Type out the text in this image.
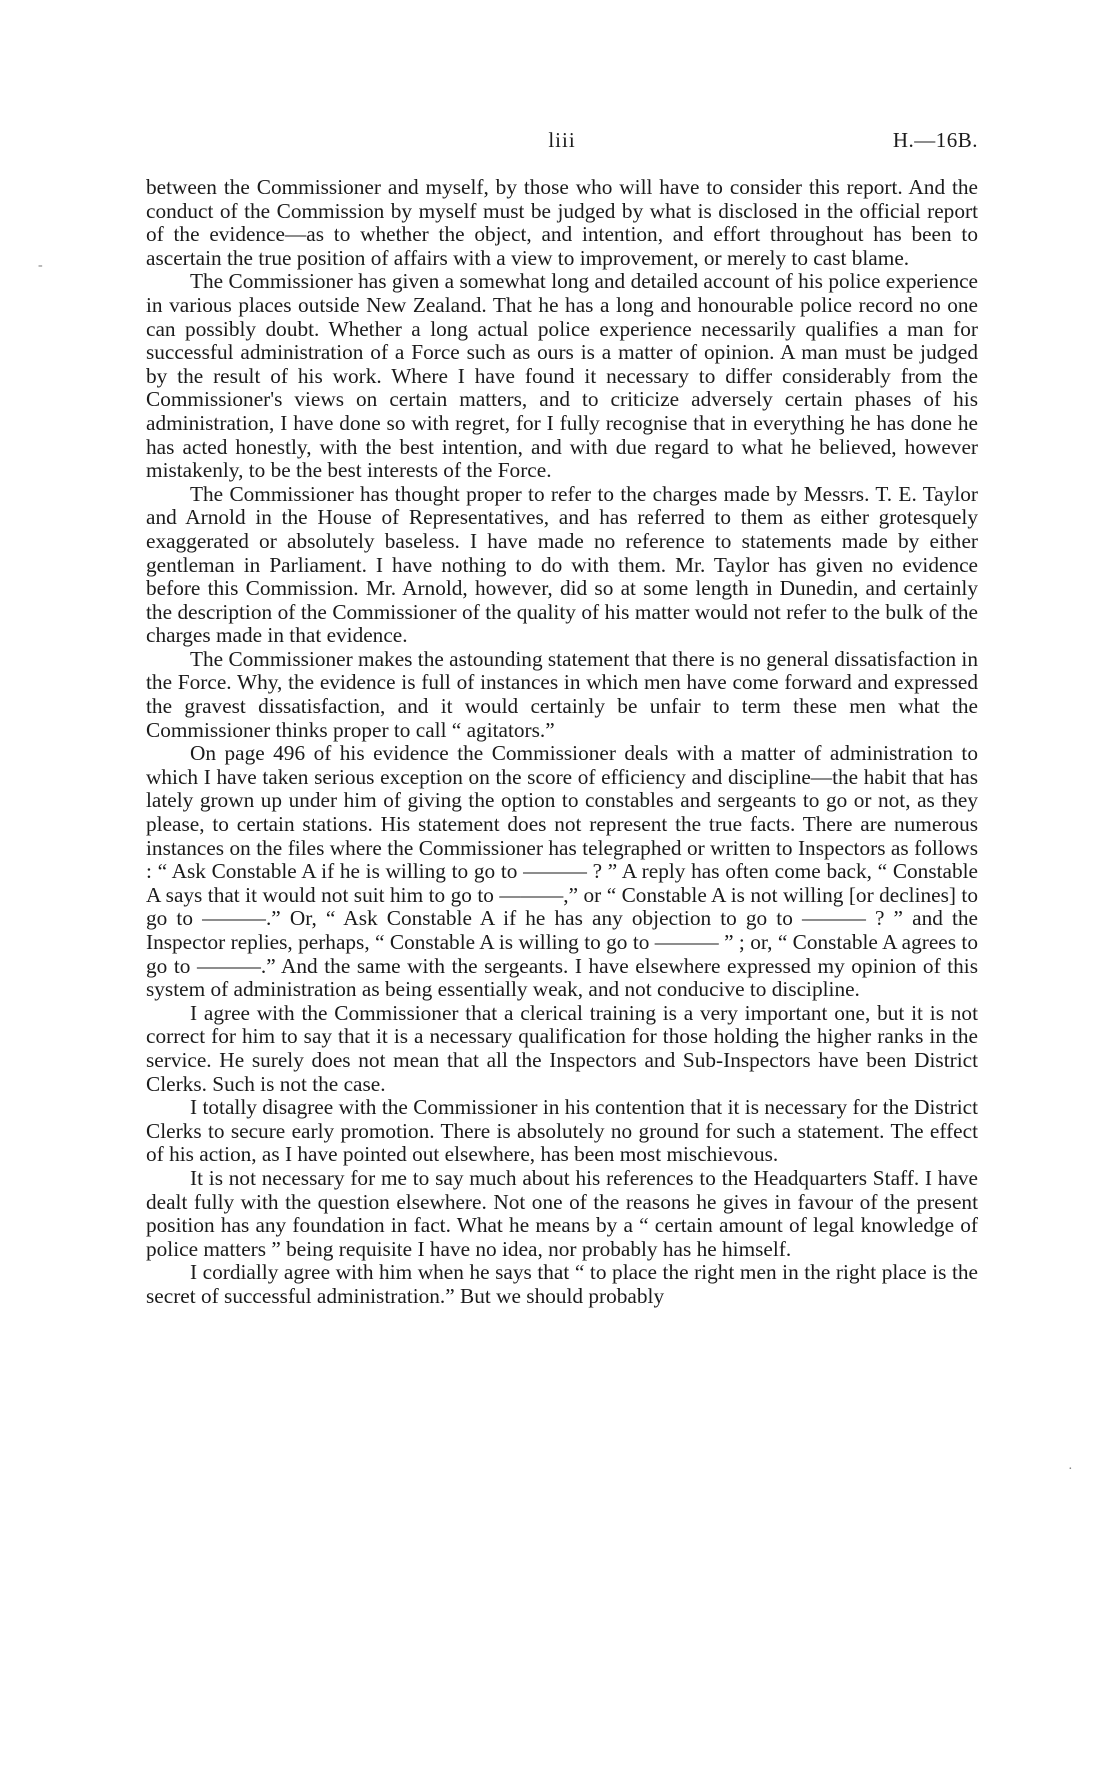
liii	H.—16B.
-
·

between the Commissioner and myself, by those who will have to consider this report. And the conduct of the Commission by myself must be judged by what is disclosed in the official report of the evidence—as to whether the object, and intention, and effort throughout has been to ascertain the true position of affairs with a view to improvement, or merely to cast blame.

The Commissioner has given a somewhat long and detailed account of his police experience in various places outside New Zealand. That he has a long and honourable police record no one can possibly doubt. Whether a long actual police experience necessarily qualifies a man for successful administration of a Force such as ours is a matter of opinion. A man must be judged by the result of his work. Where I have found it necessary to differ considerably from the Commissioner's views on certain matters, and to criticize adversely certain phases of his administration, I have done so with regret, for I fully recognise that in everything he has done he has acted honestly, with the best intention, and with due regard to what he believed, however mistakenly, to be the best interests of the Force.

The Commissioner has thought proper to refer to the charges made by Messrs. T. E. Taylor and Arnold in the House of Representatives, and has referred to them as either grotesquely exaggerated or absolutely baseless. I have made no reference to statements made by either gentleman in Parliament. I have nothing to do with them. Mr. Taylor has given no evidence before this Commission. Mr. Arnold, however, did so at some length in Dunedin, and certainly the description of the Commissioner of the quality of his matter would not refer to the bulk of the charges made in that evidence.

The Commissioner makes the astounding statement that there is no general dissatisfaction in the Force. Why, the evidence is full of instances in which men have come forward and expressed the gravest dissatisfaction, and it would certainly be unfair to term these men what the Commissioner thinks proper to call “ agitators.”

On page 496 of his evidence the Commissioner deals with a matter of administration to which I have taken serious exception on the score of efficiency and discipline—the habit that has lately grown up under him of giving the option to constables and sergeants to go or not, as they please, to certain stations. His statement does not represent the true facts. There are numerous instances on the files where the Commissioner has telegraphed or written to Inspectors as follows : “ Ask Constable A if he is willing to go to ——— ? ” A reply has often come back, “ Constable A says that it would not suit him to go to ———,” or “ Constable A is not willing [or declines] to go to ———.” Or, “ Ask Constable A if he has any objection to go to ——— ? ” and the Inspector replies, perhaps, “ Constable A is willing to go to ——— ” ; or, “ Constable A agrees to go to ———.” And the same with the sergeants. I have elsewhere expressed my opinion of this system of administration as being essentially weak, and not conducive to discipline.

I agree with the Commissioner that a clerical training is a very important one, but it is not correct for him to say that it is a necessary qualification for those holding the higher ranks in the service. He surely does not mean that all the Inspectors and Sub-Inspectors have been District Clerks. Such is not the case.

I totally disagree with the Commissioner in his contention that it is necessary for the District Clerks to secure early promotion. There is absolutely no ground for such a statement. The effect of his action, as I have pointed out elsewhere, has been most mischievous.

It is not necessary for me to say much about his references to the Headquarters Staff. I have dealt fully with the question elsewhere. Not one of the reasons he gives in favour of the present position has any foundation in fact. What he means by a “ certain amount of legal knowledge of police matters ” being requisite I have no idea, nor probably has he himself.

I cordially agree with him when he says that “ to place the right men in the right place is the secret of successful administration.” But we should probably
